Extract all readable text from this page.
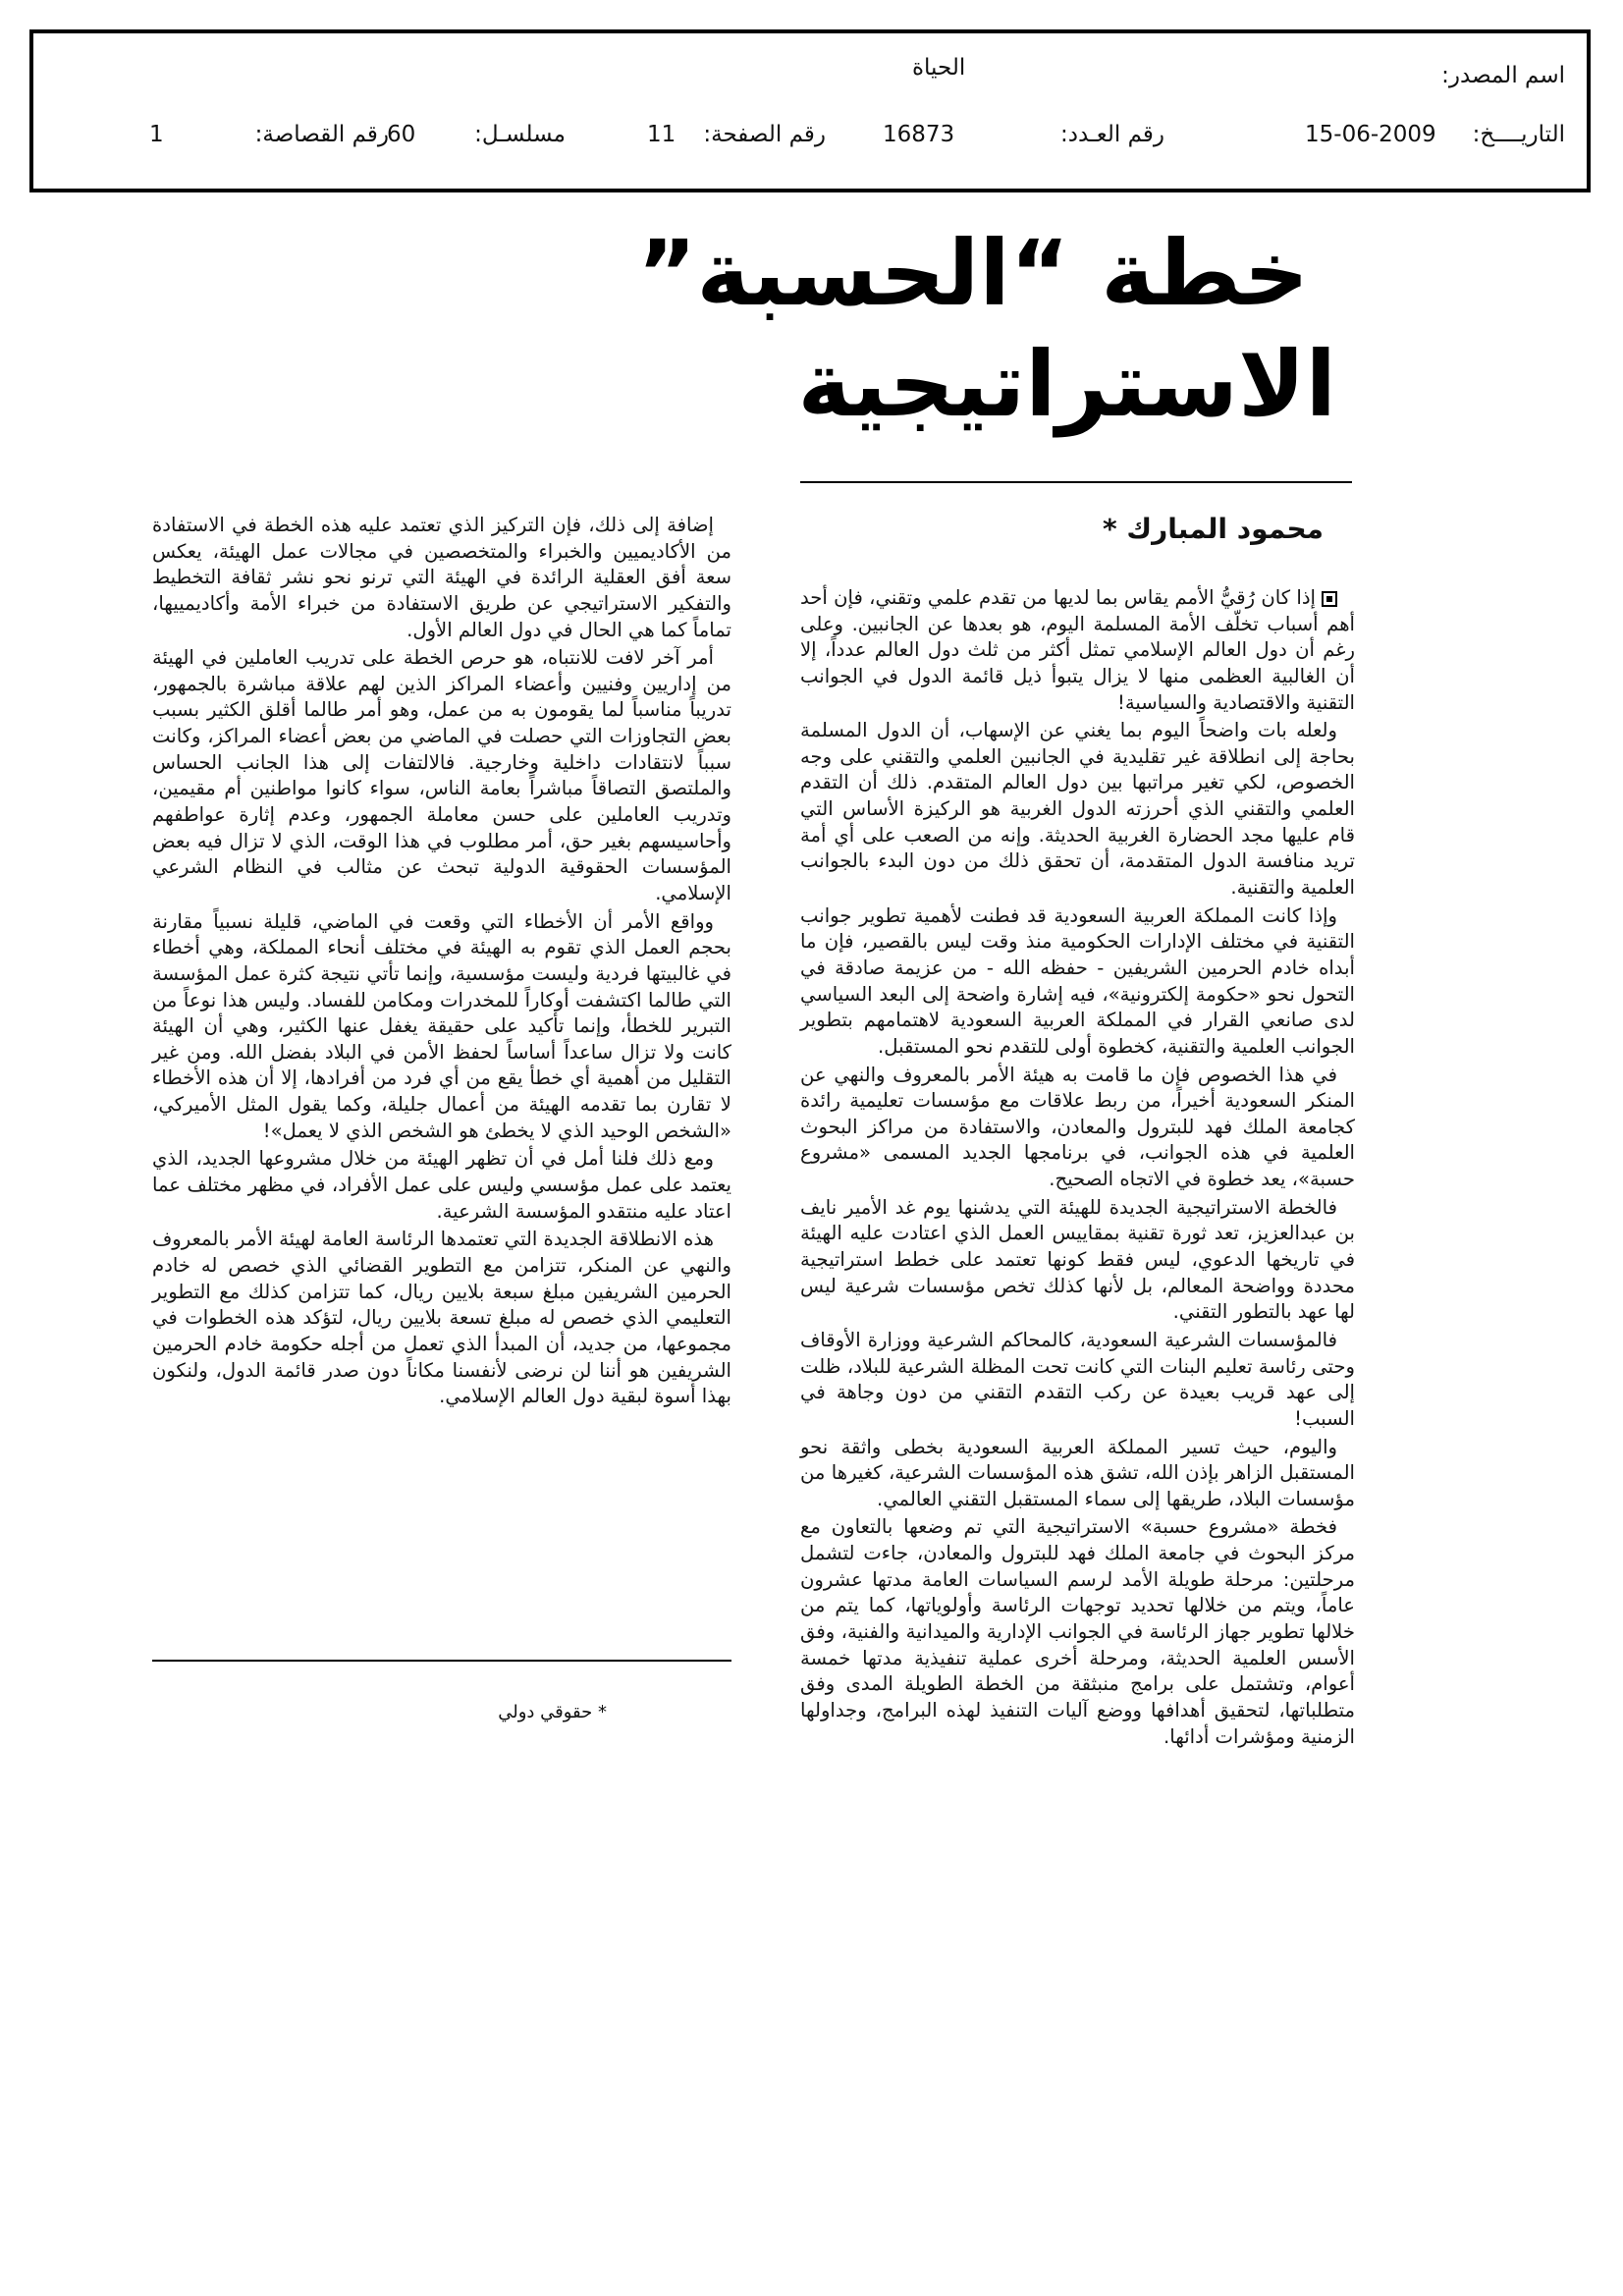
اسم المصدر:
الحياة
التاريــــخ:
15-06-2009
رقم العـدد:
16873
رقم الصفحة:
11
مسلسـل:
60
رقم القصاصة:
1
خطة “الحسبة”
الاستراتيجية
محمود المبارك *

إذا كان رُقيُّ الأمم يقاس بما لديها من تقدم علمي وتقني، فإن أحد أهم أسباب تخلّف الأمة المسلمة اليوم، هو بعدها عن الجانبين. وعلى رغم أن دول العالم الإسلامي تمثل أكثر من ثلث دول العالم عدداً، إلا أن الغالبية العظمى منها لا يزال يتبوأ ذيل قائمة الدول في الجوانب التقنية والاقتصادية والسياسية!

ولعله بات واضحاً اليوم بما يغني عن الإسهاب، أن الدول المسلمة بحاجة إلى انطلاقة غير تقليدية في الجانبين العلمي والتقني على وجه الخصوص، لكي تغير مراتبها بين دول العالم المتقدم. ذلك أن التقدم العلمي والتقني الذي أحرزته الدول الغربية هو الركيزة الأساس التي قام عليها مجد الحضارة الغربية الحديثة. وإنه من الصعب على أي أمة تريد منافسة الدول المتقدمة، أن تحقق ذلك من دون البدء بالجوانب العلمية والتقنية.

وإذا كانت المملكة العربية السعودية قد فطنت لأهمية تطوير جوانب التقنية في مختلف الإدارات الحكومية منذ وقت ليس بالقصير، فإن ما أبداه خادم الحرمين الشريفين - حفظه الله - من عزيمة صادقة في التحول نحو «حكومة إلكترونية»، فيه إشارة واضحة إلى البعد السياسي لدى صانعي القرار في المملكة العربية السعودية لاهتمامهم بتطوير الجوانب العلمية والتقنية، كخطوة أولى للتقدم نحو المستقبل.

في هذا الخصوص فإن ما قامت به هيئة الأمر بالمعروف والنهي عن المنكر السعودية أخيراً، من ربط علاقات مع مؤسسات تعليمية رائدة كجامعة الملك فهد للبترول والمعادن، والاستفادة من مراكز البحوث العلمية في هذه الجوانب، في برنامجها الجديد المسمى «مشروع حسبة»، يعد خطوة في الاتجاه الصحيح.

فالخطة الاستراتيجية الجديدة للهيئة التي يدشنها يوم غد الأمير نايف بن عبدالعزيز، تعد ثورة تقنية بمقاييس العمل الذي اعتادت عليه الهيئة في تاريخها الدعوي، ليس فقط كونها تعتمد على خطط استراتيجية محددة وواضحة المعالم، بل لأنها كذلك تخص مؤسسات شرعية ليس لها عهد بالتطور التقني.

فالمؤسسات الشرعية السعودية، كالمحاكم الشرعية ووزارة الأوقاف وحتى رئاسة تعليم البنات التي كانت تحت المظلة الشرعية للبلاد، ظلت إلى عهد قريب بعيدة عن ركب التقدم التقني من دون وجاهة في السبب!

واليوم، حيث تسير المملكة العربية السعودية بخطى واثقة نحو المستقبل الزاهر بإذن الله، تشق هذه المؤسسات الشرعية، كغيرها من مؤسسات البلاد، طريقها إلى سماء المستقبل التقني العالمي.

فخطة «مشروع حسبة» الاستراتيجية التي تم وضعها بالتعاون مع مركز البحوث في جامعة الملك فهد للبترول والمعادن، جاءت لتشمل مرحلتين: مرحلة طويلة الأمد لرسم السياسات العامة مدتها عشرون عاماً، ويتم من خلالها تحديد توجهات الرئاسة وأولوياتها، كما يتم من خلالها تطوير جهاز الرئاسة في الجوانب الإدارية والميدانية والفنية، وفق الأسس العلمية الحديثة، ومرحلة أخرى عملية تنفيذية مدتها خمسة أعوام، وتشتمل على برامج منبثقة من الخطة الطويلة المدى وفق متطلباتها، لتحقيق أهدافها ووضع آليات التنفيذ لهذه البرامج، وجداولها الزمنية ومؤشرات أدائها.

إضافة إلى ذلك، فإن التركيز الذي تعتمد عليه هذه الخطة في الاستفادة من الأكاديميين والخبراء والمتخصصين في مجالات عمل الهيئة، يعكس سعة أفق العقلية الرائدة في الهيئة التي ترنو نحو نشر ثقافة التخطيط والتفكير الاستراتيجي عن طريق الاستفادة من خبراء الأمة وأكاديمييها، تماماً كما هي الحال في دول العالم الأول.

أمر آخر لافت للانتباه، هو حرص الخطة على تدريب العاملين في الهيئة من إداريين وفنيين وأعضاء المراكز الذين لهم علاقة مباشرة بالجمهور، تدريباً مناسباً لما يقومون به من عمل، وهو أمر طالما أقلق الكثير بسبب بعض التجاوزات التي حصلت في الماضي من بعض أعضاء المراكز، وكانت سبباً لانتقادات داخلية وخارجية. فالالتفات إلى هذا الجانب الحساس والملتصق التصاقاً مباشراً بعامة الناس، سواء كانوا مواطنين أم مقيمين، وتدريب العاملين على حسن معاملة الجمهور، وعدم إثارة عواطفهم وأحاسيسهم بغير حق، أمر مطلوب في هذا الوقت، الذي لا تزال فيه بعض المؤسسات الحقوقية الدولية تبحث عن مثالب في النظام الشرعي الإسلامي.

وواقع الأمر أن الأخطاء التي وقعت في الماضي، قليلة نسبياً مقارنة بحجم العمل الذي تقوم به الهيئة في مختلف أنحاء المملكة، وهي أخطاء في غالبيتها فردية وليست مؤسسية، وإنما تأتي نتيجة كثرة عمل المؤسسة التي طالما اكتشفت أوكاراً للمخدرات ومكامن للفساد. وليس هذا نوعاً من التبرير للخطأ، وإنما تأكيد على حقيقة يغفل عنها الكثير، وهي أن الهيئة كانت ولا تزال ساعداً أساساً لحفظ الأمن في البلاد بفضل الله. ومن غير التقليل من أهمية أي خطأ يقع من أي فرد من أفرادها، إلا أن هذه الأخطاء لا تقارن بما تقدمه الهيئة من أعمال جليلة، وكما يقول المثل الأميركي، «الشخص الوحيد الذي لا يخطئ هو الشخص الذي لا يعمل»!

ومع ذلك فلنا أمل في أن تظهر الهيئة من خلال مشروعها الجديد، الذي يعتمد على عمل مؤسسي وليس على عمل الأفراد، في مظهر مختلف عما اعتاد عليه منتقدو المؤسسة الشرعية.

هذه الانطلاقة الجديدة التي تعتمدها الرئاسة العامة لهيئة الأمر بالمعروف والنهي عن المنكر، تتزامن مع التطوير القضائي الذي خصص له خادم الحرمين الشريفين مبلغ سبعة بلايين ريال، كما تتزامن كذلك مع التطوير التعليمي الذي خصص له مبلغ تسعة بلايين ريال، لتؤكد هذه الخطوات في مجموعها، من جديد، أن المبدأ الذي تعمل من أجله حكومة خادم الحرمين الشريفين هو أننا لن نرضى لأنفسنا مكاناً دون صدر قائمة الدول، ولنكون بهذا أسوة لبقية دول العالم الإسلامي.

* حقوقي دولي
